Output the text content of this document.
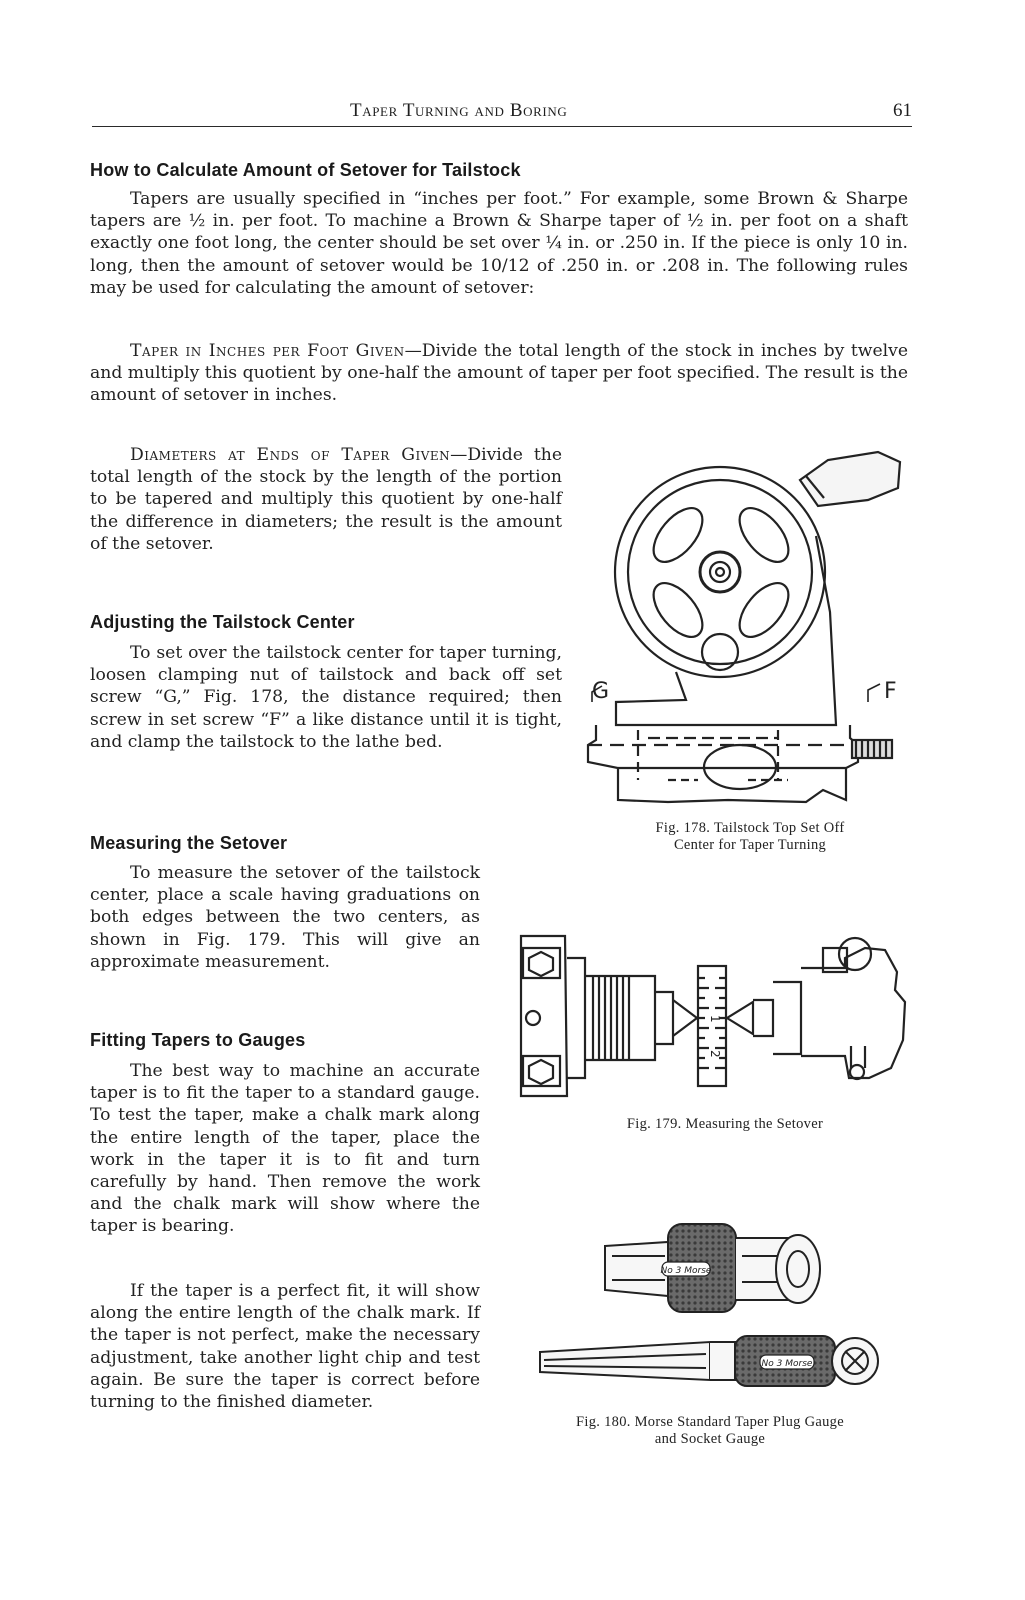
Taper Turning and Boring	61
How to Calculate Amount of Setover for Tailstock
Tapers are usually specified in “inches per foot.” For example, some Brown & Sharpe tapers are ½ in. per foot. To machine a Brown & Sharpe taper of ½ in. per foot on a shaft exactly one foot long, the center should be set over ¼ in. or .250 in. If the piece is only 10 in. long, then the amount of setover would be 10/12 of .250 in. or .208 in. The following rules may be used for calculating the amount of setover:
Taper in Inches per Foot Given—Divide the total length of the stock in inches by twelve and multiply this quotient by one-half the amount of taper per foot specified. The result is the amount of setover in inches.
Diameters at Ends of Taper Given—Divide the total length of the stock by the length of the portion to be tapered and multiply this quotient by one-half the difference in diameters; the result is the amount of the setover.
Adjusting the Tailstock Center
To set over the tailstock center for taper turning, loosen clamping nut of tailstock and back off set screw “G,” Fig. 178, the distance required; then screw in set screw “F” a like distance until it is tight, and clamp the tailstock to the lathe bed.
Measuring the Setover
To measure the setover of the tailstock center, place a scale having graduations on both edges between the two centers, as shown in Fig. 179. This will give an approximate measurement.
Fitting Tapers to Gauges
The best way to machine an accurate taper is to fit the taper to a standard gauge. To test the taper, make a chalk mark along the entire length of the taper, place the work in the taper it is to fit and turn carefully by hand. Then remove the work and the chalk mark will show where the taper is bearing.
If the taper is a perfect fit, it will show along the entire length of the chalk mark. If the taper is not perfect, make the necessary adjustment, take another light chip and test again. Be sure the taper is correct before turning to the finished diameter.
G	F
Fig. 178. Tailstock Top Set Off
Center for Taper Turning
1
2
Fig. 179. Measuring the Setover
No 3 Morse
No 3 Morse
Fig. 180. Morse Standard Taper Plug Gauge
and Socket Gauge
